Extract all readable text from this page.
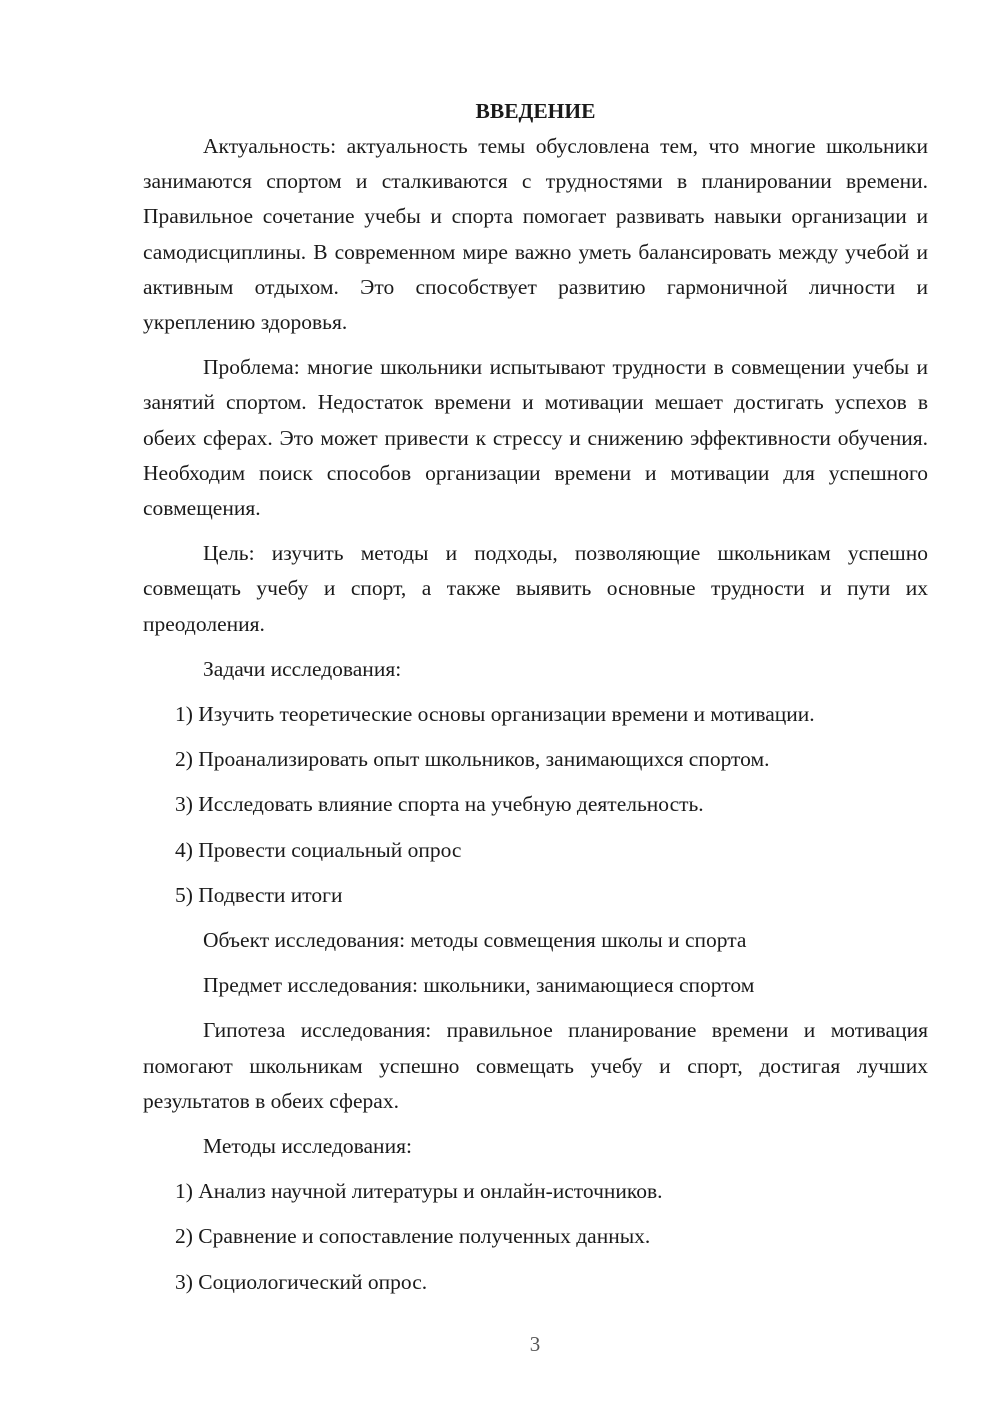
ВВЕДЕНИЕ

Актуальность: актуальность темы обусловлена тем, что многие школьники занимаются спортом и сталкиваются с трудностями в планировании времени. Правильное сочетание учебы и спорта помогает развивать навыки организации и самодисциплины. В современном мире важно уметь балансировать между учебой и активным отдыхом. Это способствует развитию гармоничной личности и укреплению здоровья.

Проблема: многие школьники испытывают трудности в совмещении учебы и занятий спортом. Недостаток времени и мотивации мешает достигать успехов в обеих сферах. Это может привести к стрессу и снижению эффективности обучения. Необходим поиск способов организации времени и мотивации для успешного совмещения.

Цель: изучить методы и подходы, позволяющие школьникам успешно совмещать учебу и спорт, а также выявить основные трудности и пути их преодоления.

Задачи исследования:

1) Изучить теоретические основы организации времени и мотивации.

2) Проанализировать опыт школьников, занимающихся спортом.

3) Исследовать влияние спорта на учебную деятельность.

4) Провести социальный опрос

5) Подвести итоги

Объект исследования: методы совмещения школы и спорта

Предмет исследования: школьники, занимающиеся спортом

Гипотеза исследования: правильное планирование времени и мотивация помогают школьникам успешно совмещать учебу и спорт, достигая лучших результатов в обеих сферах.

Методы исследования:

1) Анализ научной литературы и онлайн-источников.

2) Сравнение и сопоставление полученных данных.

3) Социологический опрос.

3
